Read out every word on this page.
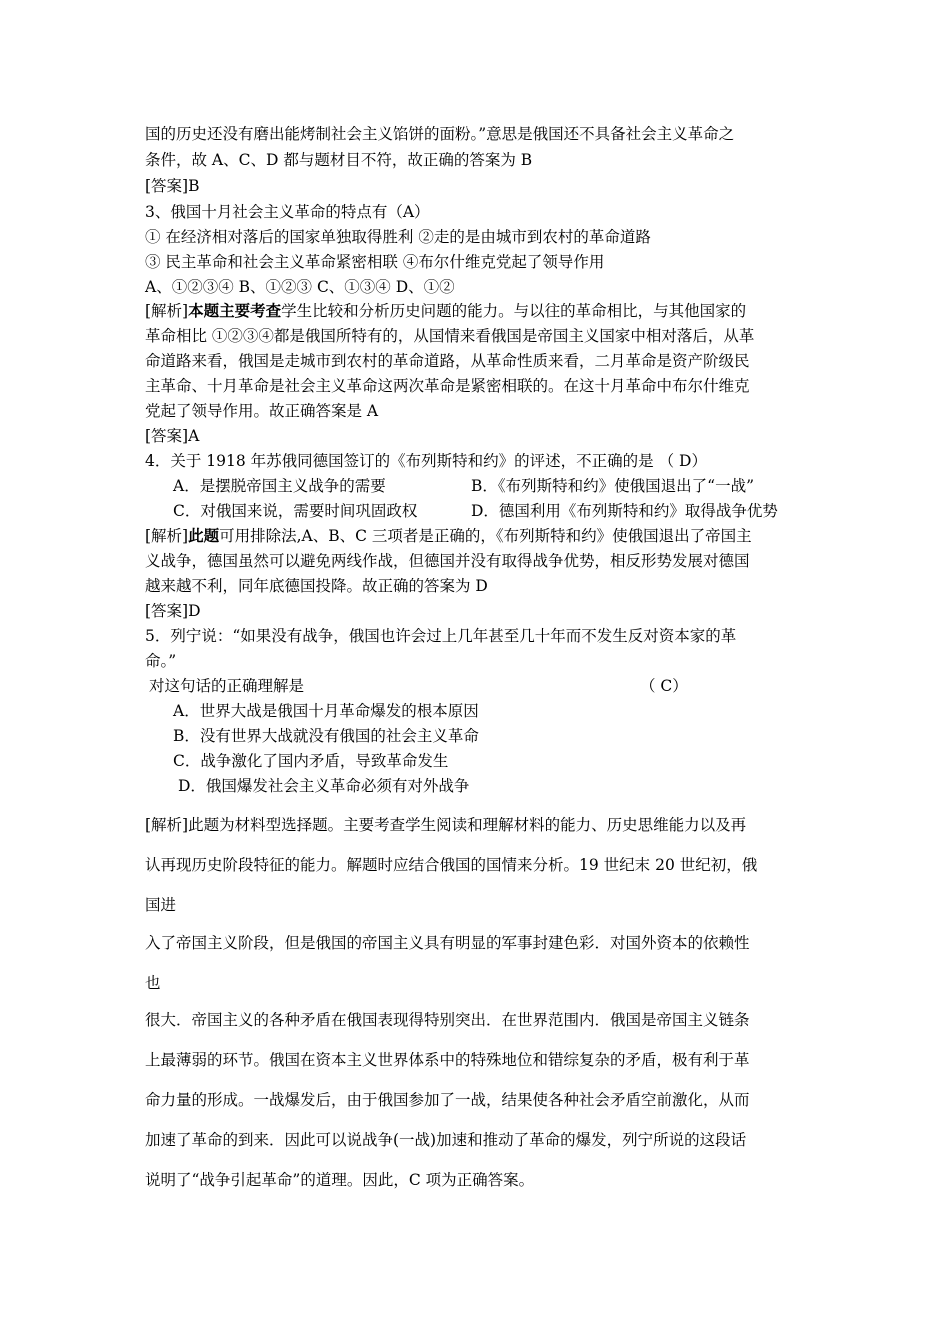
国的历史还没有磨出能烤制社会主义馅饼的面粉。”意思是俄国还不具备社会主义革命之
条件，故 A、C、D 都与题材目不符，故正确的答案为 B
[答案]B
3、俄国十月社会主义革命的特点有（A）
① 在经济相对落后的国家单独取得胜利 ②走的是由城市到农村的革命道路
③ 民主革命和社会主义革命紧密相联 ④布尔什维克党起了领导作用
A、①②③④ B、①②③ C、①③④ D、①②
[解析]本题主要考查学生比较和分析历史问题的能力。与以往的革命相比，与其他国家的
革命相比 ①②③④都是俄国所特有的，从国情来看俄国是帝国主义国家中相对落后，从革
命道路来看，俄国是走城市到农村的革命道路，从革命性质来看，二月革命是资产阶级民
主革命、十月革命是社会主义革命这两次革命是紧密相联的。在这十月革命中布尔什维克
党起了领导作用。故正确答案是 A
[答案]A
4．关于 1918 年苏俄同德国签订的《布列斯特和约》的评述，不正确的是 （ D）
A．是摆脱帝国主义战争的需要	B．《布列斯特和约》使俄国退出了“一战”
C．对俄国来说，需要时间巩固政权	D．德国利用《布列斯特和约》取得战争优势
[解析]此题可用排除法,A、B、C 三项者是正确的，《布列斯特和约》使俄国退出了帝国主
义战争，德国虽然可以避免两线作战，但德国并没有取得战争优势，相反形势发展对德国
越来越不利，同年底德国投降。故正确的答案为 D
[答案]D
5．列宁说：“如果没有战争，俄国也许会过上几年甚至几十年而不发生反对资本家的革
命。”
对这句话的正确理解是	（ C）
A．世界大战是俄国十月革命爆发的根本原因
B．没有世界大战就没有俄国的社会主义革命
C．战争激化了国内矛盾，导致革命发生
D．俄国爆发社会主义革命必须有对外战争
[解析]此题为材料型选择题。主要考查学生阅读和理解材料的能力、历史思维能力以及再
认再现历史阶段特征的能力。解题时应结合俄国的国情来分析。19 世纪末 20 世纪初，俄
国进
入了帝国主义阶段，但是俄国的帝国主义具有明显的军事封建色彩．对国外资本的依赖性
也
很大．帝国主义的各种矛盾在俄国表现得特别突出．在世界范围内．俄国是帝国主义链条
上最薄弱的环节。俄国在资本主义世界体系中的特殊地位和错综复杂的矛盾，极有利于革
命力量的形成。一战爆发后，由于俄国参加了一战，结果使各种社会矛盾空前激化，从而
加速了革命的到来．因此可以说战争(一战)加速和推动了革命的爆发，列宁所说的这段话
说明了“战争引起革命”的道理。因此，C 项为正确答案。
